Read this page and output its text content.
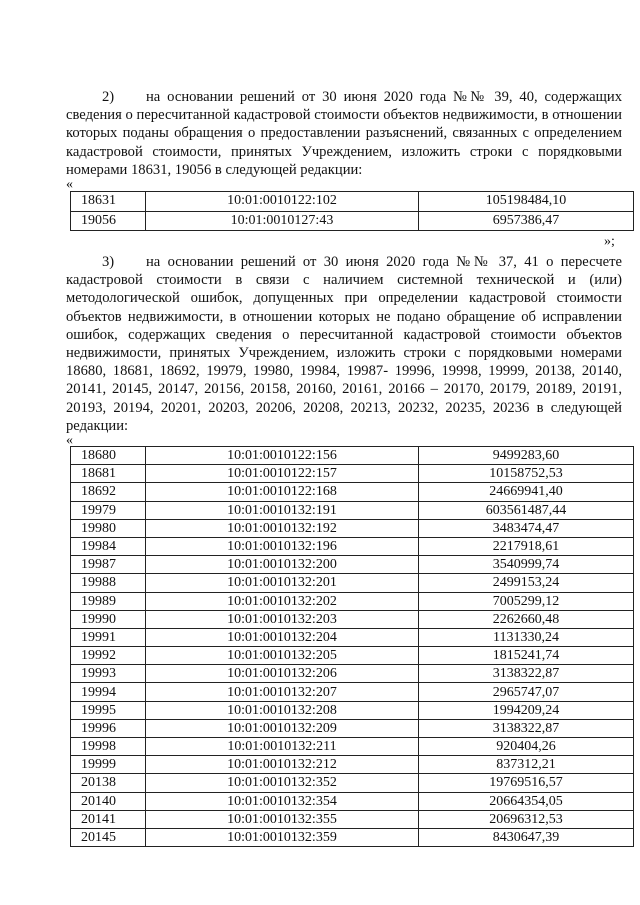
2) на основании решений от 30 июня 2020 года №№ 39, 40, содержащих сведения о пересчитанной кадастровой стоимости объектов недвижимости, в отношении которых поданы обращения о предоставлении разъяснений, связанных с определением кадастровой стоимости, принятых Учреждением, изложить строки с порядковыми номерами 18631, 19056 в следующей редакции:

«
18631	10:01:0010122:102	105198484,10
19056	10:01:0010127:43	6957386,47
»;

3) на основании решений от 30 июня 2020 года №№ 37, 41 о пересчете кадастровой стоимости в связи с наличием системной технической и (или) методологической ошибок, допущенных при определении кадастровой стоимости объектов недвижимости, в отношении которых не подано обращение об исправлении ошибок, содержащих сведения о пересчитанной кадастровой стоимости объектов недвижимости, принятых Учреждением, изложить строки с порядковыми номерами 18680, 18681, 18692, 19979, 19980, 19984, 19987- 19996, 19998, 19999, 20138, 20140, 20141, 20145, 20147, 20156, 20158, 20160, 20161, 20166 – 20170, 20179, 20189, 20191, 20193, 20194, 20201, 20203, 20206, 20208, 20213, 20232, 20235, 20236 в следующей редакции:

«
18680	10:01:0010122:156	9499283,60
18681	10:01:0010122:157	10158752,53
18692	10:01:0010122:168	24669941,40
19979	10:01:0010132:191	603561487,44
19980	10:01:0010132:192	3483474,47
19984	10:01:0010132:196	2217918,61
19987	10:01:0010132:200	3540999,74
19988	10:01:0010132:201	2499153,24
19989	10:01:0010132:202	7005299,12
19990	10:01:0010132:203	2262660,48
19991	10:01:0010132:204	1131330,24
19992	10:01:0010132:205	1815241,74
19993	10:01:0010132:206	3138322,87
19994	10:01:0010132:207	2965747,07
19995	10:01:0010132:208	1994209,24
19996	10:01:0010132:209	3138322,87
19998	10:01:0010132:211	920404,26
19999	10:01:0010132:212	837312,21
20138	10:01:0010132:352	19769516,57
20140	10:01:0010132:354	20664354,05
20141	10:01:0010132:355	20696312,53
20145	10:01:0010132:359	8430647,39
